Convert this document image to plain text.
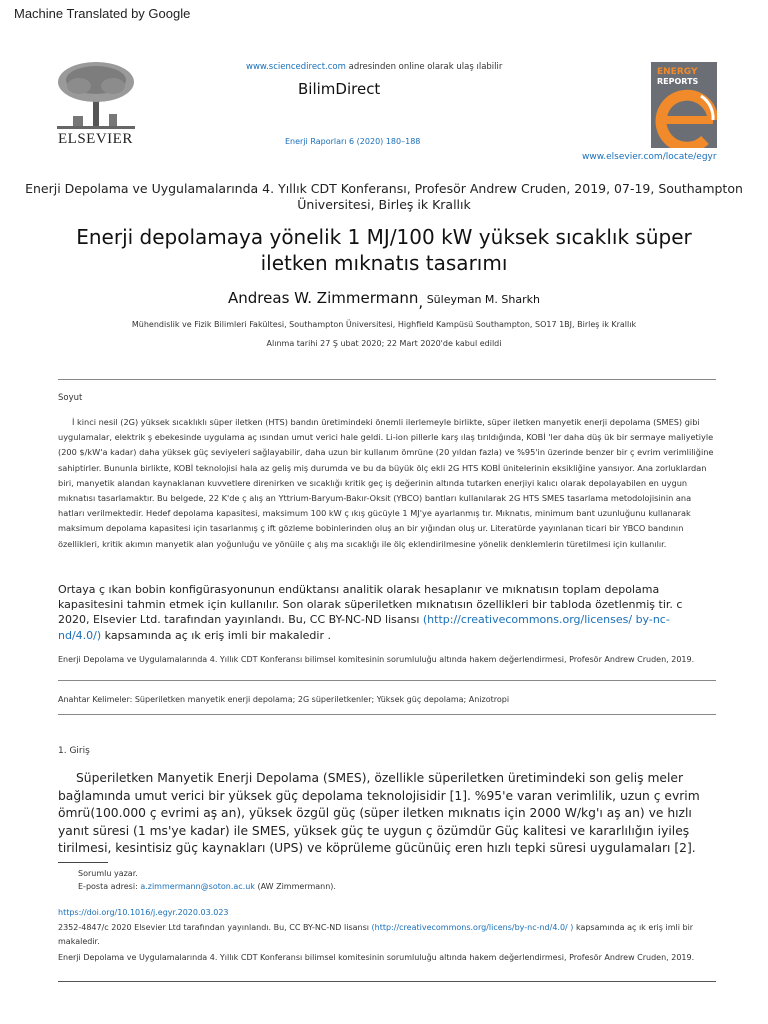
Machine Translated by Google
ELSEVIER
www.sciencedirect.com adresinden online olarak ulaş ılabilir
BilimDirect
Enerji Raporları 6 (2020) 180–188
ENERGY
REPORTS
www.elsevier.com/locate/egyr
Enerji Depolama ve Uygulamalarında 4. Yıllık CDT Konferansı, Profesör Andrew Cruden, 2019, 07-19, Southampton Üniversitesi, Birleş ik Krallık
Enerji depolamaya yönelik 1 MJ/100 kW yüksek sıcaklık süper iletken mıknatıs tasarımı
Andreas W. Zimmermann$_,$ Süleyman M. Sharkh
Mühendislik ve Fizik Bilimleri Fakültesi, Southampton Üniversitesi, Highfield Kampüsü Southampton, SO17 1BJ, Birleş ik Krallık
Alınma tarihi 27 Ş ubat 2020; 22 Mart 2020'de kabul edildi
Soyut
İ kinci nesil (2G) yüksek sıcaklıklı süper iletken (HTS) bandın üretimindeki önemli ilerlemeyle birlikte, süper iletken manyetik enerji depolama (SMES) gibi uygulamalar, elektrik ş ebekesinde uygulama aç ısından umut verici hale geldi. Li-ion pillerle karş ılaş tırıldığında, KOBİ 'ler daha düş ük bir sermaye maliyetiyle (200 $/kW'a kadar) daha yüksek güç seviyeleri sağlayabilir, daha uzun bir kullanım ömrüne (20 yıldan fazla) ve %95'in üzerinde benzer bir ç evrim verimliliğine sahiptirler. Bununla birlikte, KOBİ teknolojisi hala az geliş miş durumda ve bu da büyük ölç ekli 2G HTS KOBİ ünitelerinin eksikliğine yansıyor. Ana zorluklardan biri, manyetik alandan kaynaklanan kuvvetlere direnirken ve sıcaklığı kritik geç iş değerinin altında tutarken enerjiyi kalıcı olarak depolayabilen en uygun mıknatısı tasarlamaktır. Bu belgede, 22 K'de ç alış an Yttrium-Baryum-Bakır-Oksit (YBCO) bantları kullanılarak 2G HTS SMES tasarlama metodolojisinin ana hatları verilmektedir. Hedef depolama kapasitesi, maksimum 100 kW ç ıkış gücüyle 1 MJ'ye ayarlanmış tır. Mıknatıs, minimum bant uzunluğunu kullanarak maksimum depolama kapasitesi için tasarlanmış ç ift gözleme bobinlerinden oluş an bir yığından oluş ur. Literatürde yayınlanan ticari bir YBCO bandının özellikleri, kritik akımın manyetik alan yoğunluğu ve yönüile ç alış ma sıcaklığı ile ölç eklendirilmesine yönelik denklemlerin türetilmesi için kullanılır.
Ortaya ç ıkan bobin konfigürasyonunun endüktansı analitik olarak hesaplanır ve mıknatısın toplam depolama kapasitesini tahmin etmek için kullanılır. Son olarak süperiletken mıknatısın özellikleri bir tabloda özetlenmiş tir. c 2020, Elsevier Ltd. tarafından yayınlandı. Bu, CC BY-NC-ND lisansı (http://creativecommons.org/licenses/ by-nc-nd/4.0/) kapsamında aç ık eriş imli bir makaledir .
Enerji Depolama ve Uygulamalarında 4. Yıllık CDT Konferansı bilimsel komitesinin sorumluluğu altında hakem değerlendirmesi, Profesör Andrew Cruden, 2019.
Anahtar Kelimeler: Süperiletken manyetik enerji depolama; 2G süperiletkenler; Yüksek güç depolama; Anizotropi
1. Giriş
Süperiletken Manyetik Enerji Depolama (SMES), özellikle süperiletken üretimindeki son geliş meler bağlamında umut verici bir yüksek güç depolama teknolojisidir [1]. %95'e varan verimlilik, uzun ç evrim ömrü(100.000 ç evrimi aş an), yüksek özgül güç (süper iletken mıknatıs için 2000 W/kg'ı aş an) ve hızlı yanıt süresi (1 ms'ye kadar) ile SMES, yüksek güç te uygun ç özümdür Güç kalitesi ve kararlılığın iyileş tirilmesi, kesintisiz güç kaynakları (UPS) ve köprüleme gücünüiç eren hızlı tepki süresi uygulamaları [2].
Sorumlu yazar.
E-posta adresi: a.zimmermann@soton.ac.uk (AW Zimmermann).
https://doi.org/10.1016/j.egyr.2020.03.023
2352-4847/c 2020 Elsevier Ltd tarafından yayınlandı. Bu, CC BY-NC-ND lisansı (http://creativecommons.org/licens/by-nc-nd/4.0/ ) kapsamında aç ık eriş imli bir makaledir.
Enerji Depolama ve Uygulamalarında 4. Yıllık CDT Konferansı bilimsel komitesinin sorumluluğu altında hakem değerlendirmesi, Profesör Andrew Cruden, 2019.
